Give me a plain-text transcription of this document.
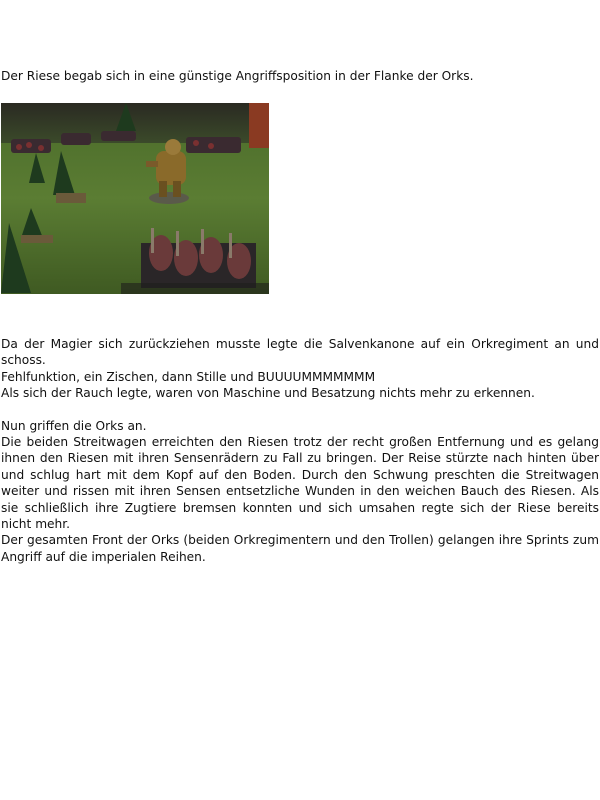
Der Riese begab sich in eine günstige Angriffsposition in der Flanke der Orks.

Da der Magier sich zurückziehen musste legte die Salvenkanone auf ein Orkregiment an und schoss.

Fehlfunktion, ein Zischen, dann Stille und BUUUUMMMMMMM

Als sich der Rauch legte, waren von Maschine und Besatzung nichts mehr zu erkennen.

Nun griffen die Orks an.

Die beiden Streitwagen erreichten den Riesen trotz der recht großen Entfernung und es gelang ihnen den Riesen mit ihren Sensenrädern zu Fall zu bringen. Der Reise stürzte nach hinten über und schlug hart mit dem Kopf auf den Boden. Durch den Schwung preschten die Streitwagen weiter und rissen mit ihren Sensen entsetzliche Wunden in den weichen Bauch des Riesen. Als sie schließlich ihre Zugtiere bremsen konnten und sich umsahen regte sich der Riese bereits nicht mehr.

Der gesamten Front der Orks (beiden Orkregimentern und den Trollen) gelangen ihre Sprints zum Angriff auf die imperialen Reihen.
